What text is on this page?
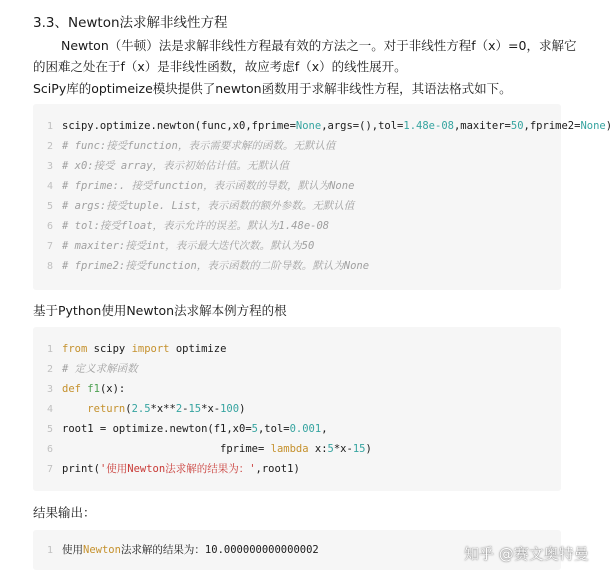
3.3、Newton法求解非线性方程
Newton（牛顿）法是求解非线性方程最有效的方法之一。对于非线性方程f（x）=0，求解它
的困难之处在于f（x）是非线性函数，故应考虑f（x）的线性展开。
SciPy库的optimeize模块提供了newton函数用于求解非线性方程，其语法格式如下。
1 scipy.optimize.newton(func,x0,fprime=None,args=(),tol=1.48e-08,maxiter=50,fprime2=None)
2 # func:接受function，表示需要求解的函数。无默认值
3 # x0:接受 array，表示初始估计值。无默认值
4 # fprime:. 接受function，表示函数的导数，默认为None
5 # args:接受tuple. List，表示函数的额外参数。无默认值
6 # tol:接受float，表示允许的误差。默认为1.48e-08
7 # maxiter:接受int，表示最大迭代次数。默认为50
8 # fprime2:接受function，表示函数的二阶导数。默认为None
基于Python使用Newton法求解本例方程的根
1 from scipy import optimize
2 # 定义求解函数
3 def f1(x):
4	return(2.5*x**2-15*x-100)
5 root1 = optimize.newton(f1,x0=5,tol=0.001,
6                         fprime= lambda x:5*x-15)
7 print('使用Newton法求解的结果为：',root1)
结果输出：
1 使用Newton法求解的结果为：10.000000000000002	知乎 @赛文奥特曼
